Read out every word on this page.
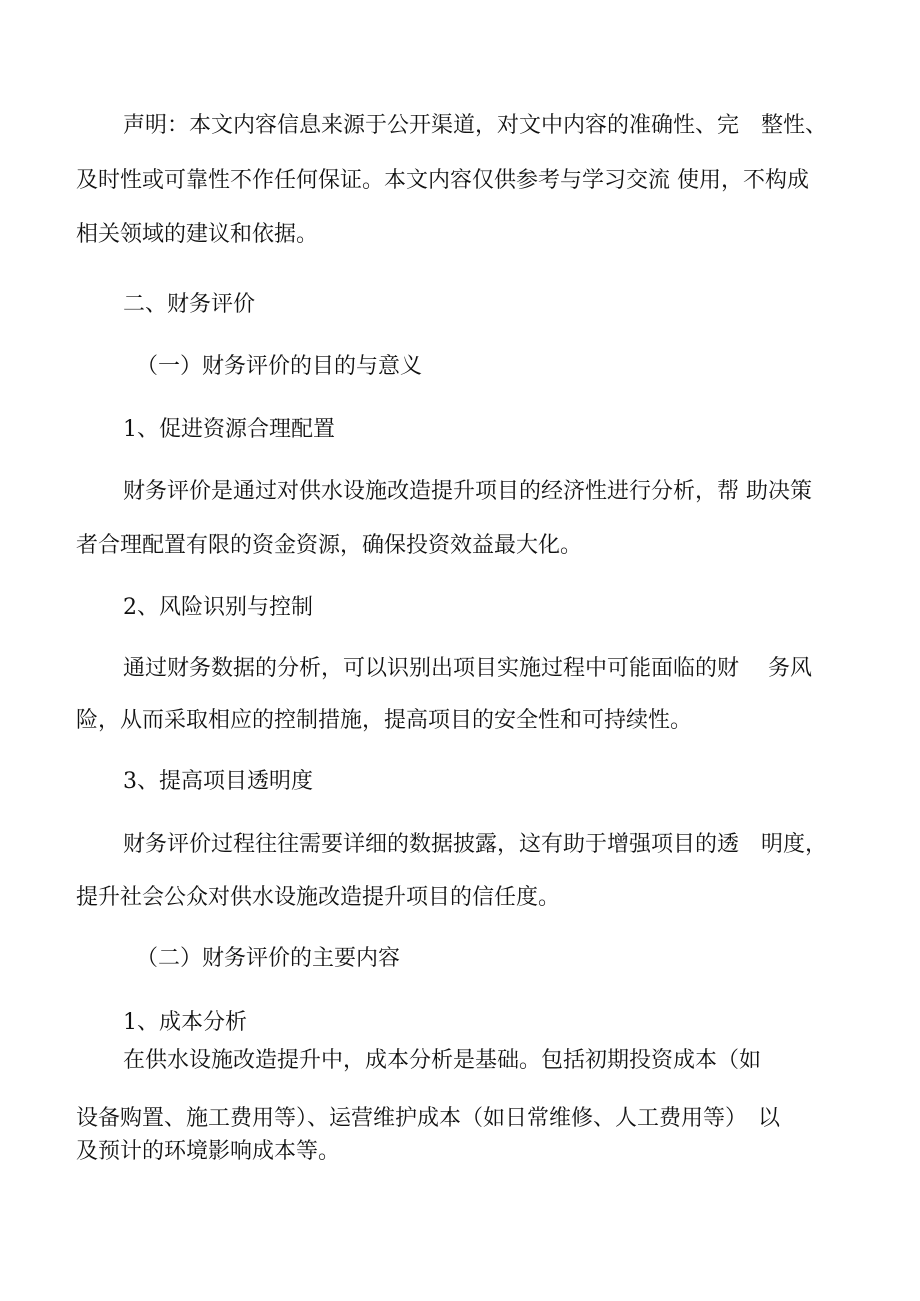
声明：本文内容信息来源于公开渠道，对文中内容的准确性、完　整性、
及时性或可靠性不作任何保证。本文内容仅供参考与学习交流 使用，不构成
相关领域的建议和依据。
二、财务评价
（一）财务评价的目的与意义
1、促进资源合理配置
财务评价是通过对供水设施改造提升项目的经济性进行分析，帮 助决策
者合理配置有限的资金资源，确保投资效益最大化。
2、风险识别与控制
通过财务数据的分析，可以识别出项目实施过程中可能面临的财　 务风
险，从而采取相应的控制措施，提高项目的安全性和可持续性。
3、提高项目透明度
财务评价过程往往需要详细的数据披露，这有助于增强项目的透　明度，
提升社会公众对供水设施改造提升项目的信任度。
（二）财务评价的主要内容
1、成本分析
在供水设施改造提升中，成本分析是基础。包括初期投资成本（如
设备购置、施工费用等）、运营维护成本（如日常维修、人工费用等）　以
及预计的环境影响成本等。
